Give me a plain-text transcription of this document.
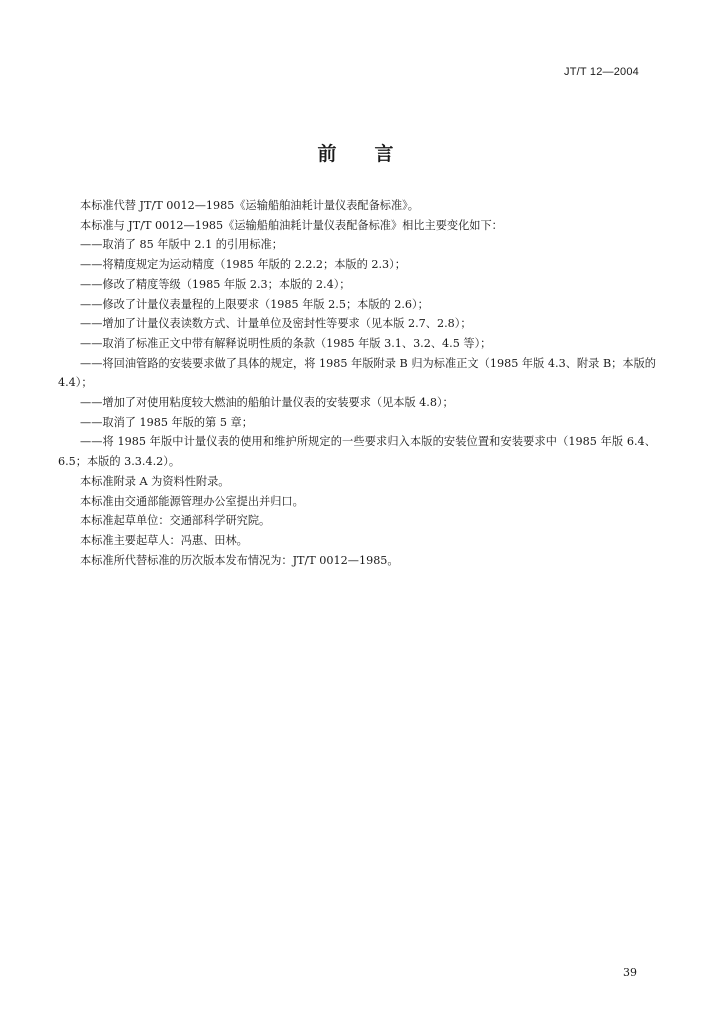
JT/T 12—2004
前　　言

本标准代替 JT/T 0012—1985《运输船舶油耗计量仪表配备标准》。

本标准与 JT/T 0012—1985《运输船舶油耗计量仪表配备标准》相比主要变化如下：

——取消了 85 年版中 2.1 的引用标准；

——将精度规定为运动精度（1985 年版的 2.2.2；本版的 2.3）；

——修改了精度等级（1985 年版 2.3；本版的 2.4）；

——修改了计量仪表量程的上限要求（1985 年版 2.5；本版的 2.6）；

——增加了计量仪表读数方式、计量单位及密封性等要求（见本版 2.7、2.8）；

——取消了标准正文中带有解释说明性质的条款（1985 年版 3.1、3.2、4.5 等）；

——将回油管路的安装要求做了具体的规定，将 1985 年版附录 B 归为标准正文（1985 年版 4.3、附录 B；本版的 4.4）；

——增加了对使用粘度较大燃油的船舶计量仪表的安装要求（见本版 4.8）；

——取消了 1985 年版的第 5 章；

——将 1985 年版中计量仪表的使用和维护所规定的一些要求归入本版的安装位置和安装要求中（1985 年版 6.4、6.5；本版的 3.3.4.2）。

本标准附录 A 为资料性附录。

本标准由交通部能源管理办公室提出并归口。

本标准起草单位：交通部科学研究院。

本标准主要起草人：冯惠、田林。

本标准所代替标准的历次版本发布情况为：JT/T 0012—1985。

39
